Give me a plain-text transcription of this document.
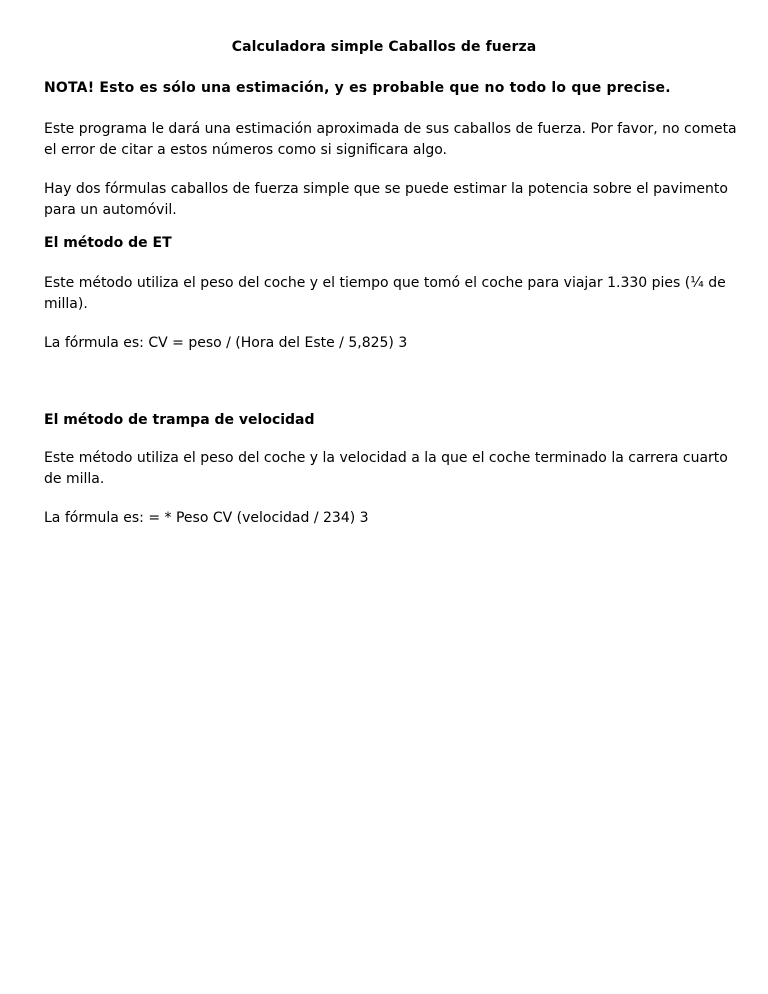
Calculadora simple Caballos de fuerza
NOTA! Esto es sólo una estimación, y es probable que no todo lo que precise.
Este programa le dará una estimación aproximada de sus caballos de fuerza. Por favor, no cometa
el error de citar a estos números como si significara algo.
Hay dos fórmulas caballos de fuerza simple que se puede estimar la potencia sobre el pavimento
para un automóvil.
El método de ET
Este método utiliza el peso del coche y el tiempo que tomó el coche para viajar 1.330 pies (¼ de
milla).
La fórmula es: CV = peso / (Hora del Este / 5,825) 3
El método de trampa de velocidad
Este método utiliza el peso del coche y la velocidad a la que el coche terminado la carrera cuarto
de milla.
La fórmula es: = * Peso CV (velocidad / 234) 3
